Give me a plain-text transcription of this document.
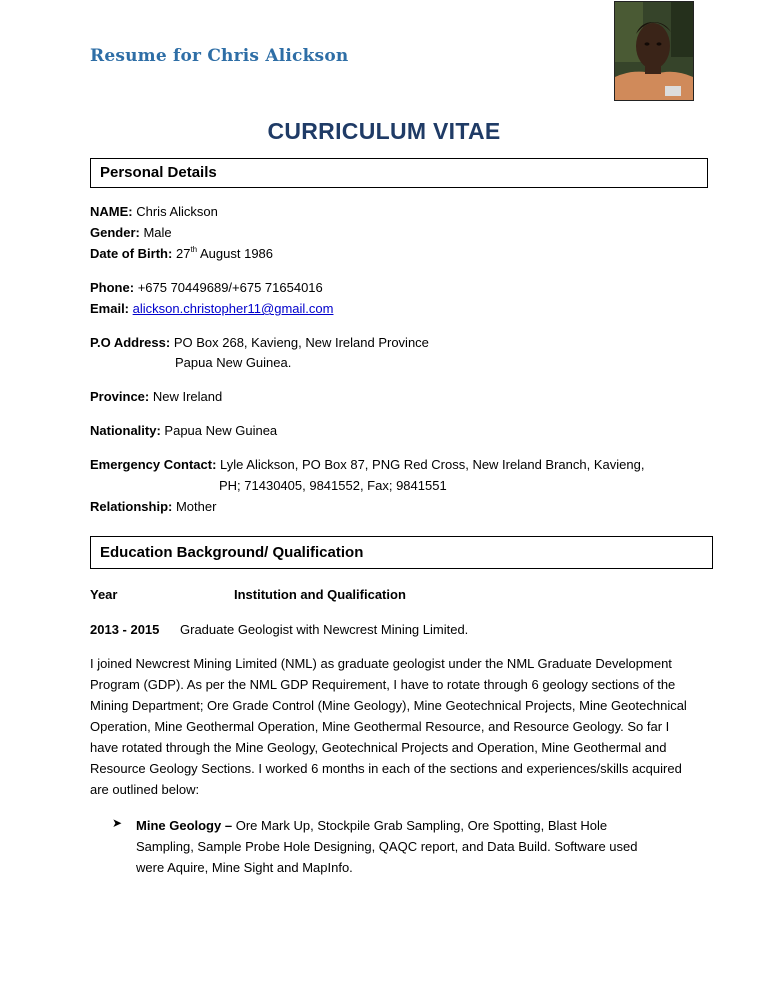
Resume for Chris Alickson
CURRICULUM VITAE
Personal Details
NAME: Chris Alickson
Gender: Male
Date of Birth: 27th August 1986
Phone: +675 70449689/+675 71654016
Email: alickson.christopher11@gmail.com
P.O Address: PO Box 268, Kavieng, New Ireland Province
Papua New Guinea.
Province: New Ireland
Nationality: Papua New Guinea
Emergency Contact: Lyle Alickson, PO Box 87, PNG Red Cross, New Ireland Branch, Kavieng,
PH; 71430405, 9841552, Fax; 9841551
Relationship: Mother
Education Background/ Qualification
Year	Institution and Qualification
2013 - 2015 Graduate Geologist with Newcrest Mining Limited.

I joined Newcrest Mining Limited (NML) as graduate geologist under the NML Graduate Development Program (GDP). As per the NML GDP Requirement, I have to rotate through 6 geology sections of the Mining Department; Ore Grade Control (Mine Geology), Mine Geotechnical Projects, Mine Geotechnical Operation, Mine Geothermal Operation, Mine Geothermal Resource, and Resource Geology. So far I have rotated through the Mine Geology, Geotechnical Projects and Operation, Mine Geothermal and Resource Geology Sections. I worked 6 months in each of the sections and experiences/skills acquired are outlined below:

➤ Mine Geology – Ore Mark Up, Stockpile Grab Sampling, Ore Spotting, Blast Hole Sampling, Sample Probe Hole Designing, QAQC report, and Data Build. Software used were Aquire, Mine Sight and MapInfo.
